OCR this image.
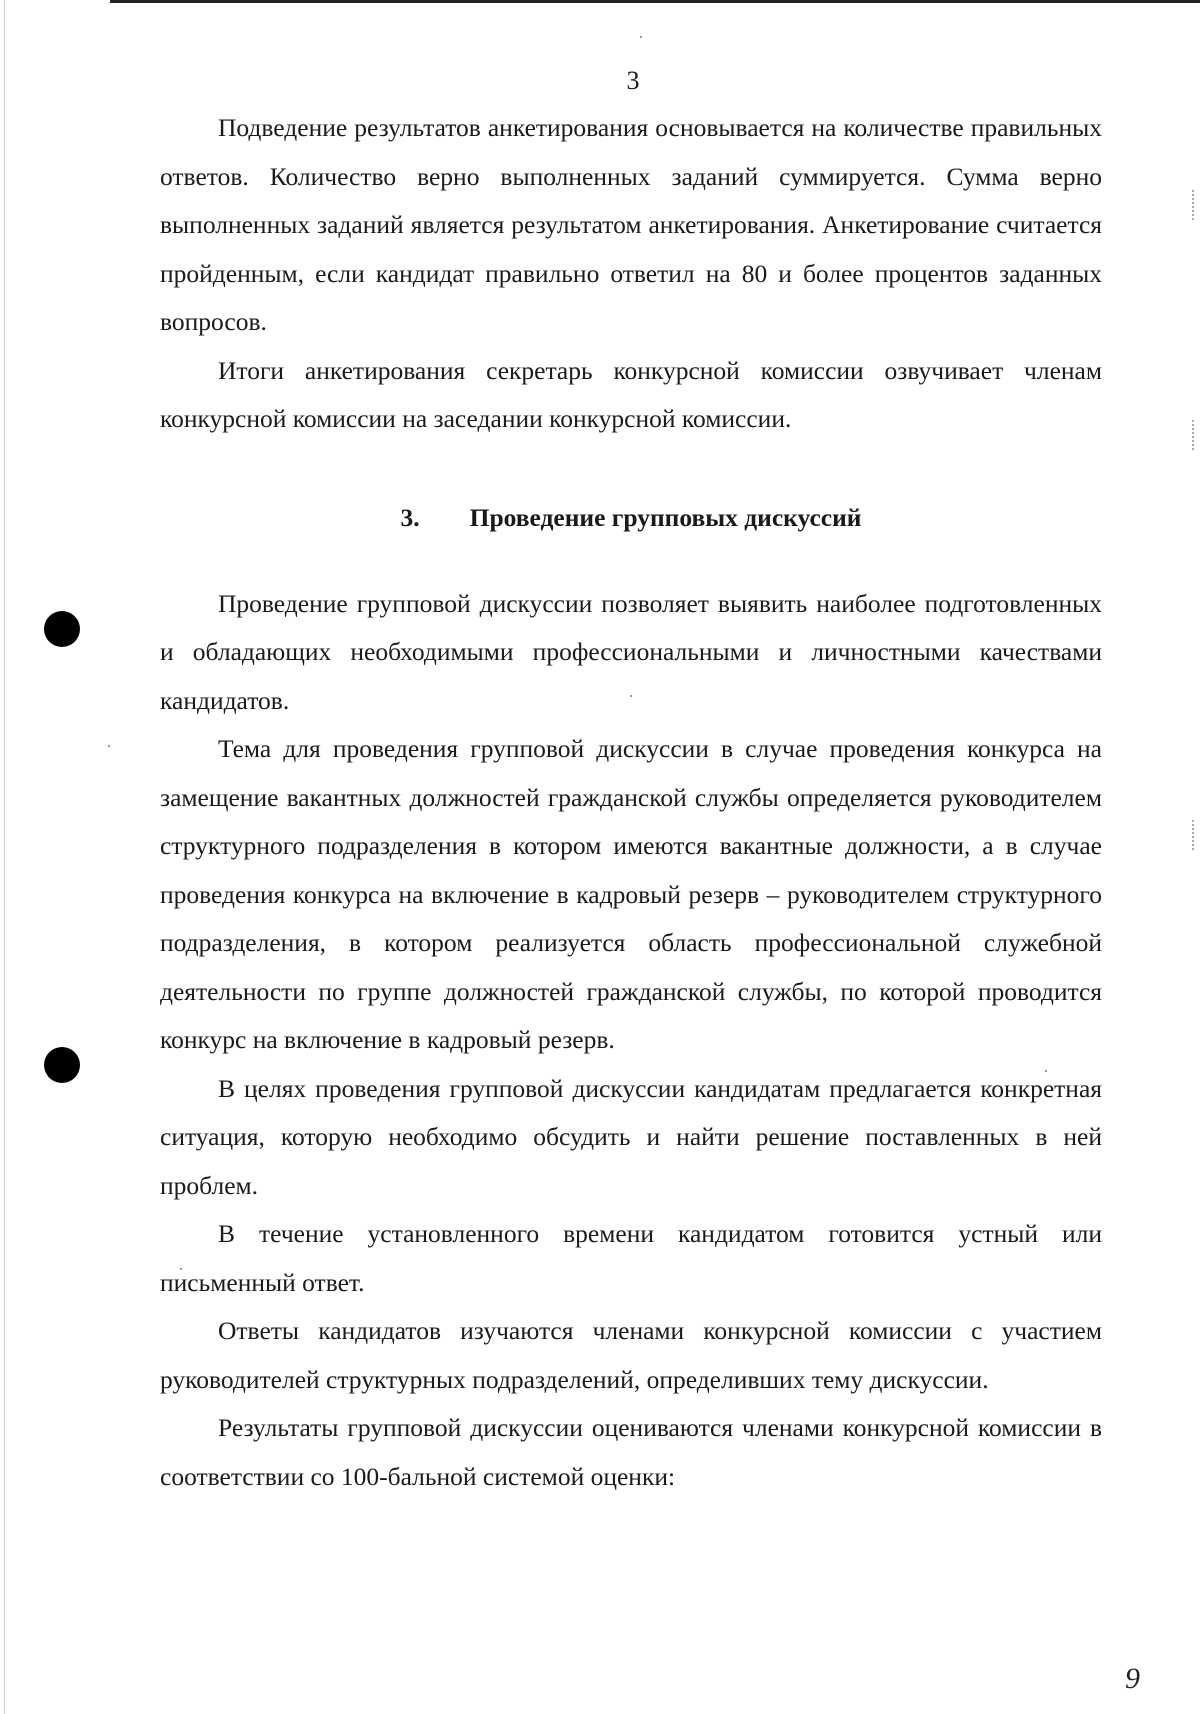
3

Подведение результатов анкетирования основывается на количестве правильных ответов. Количество верно выполненных заданий суммируется. Сумма верно выполненных заданий является результатом анкетирования. Анкетирование считается пройденным, если кандидат правильно ответил на 80 и более процентов заданных вопросов.

Итоги анкетирования секретарь конкурсной комиссии озвучивает членам конкурсной комиссии на заседании конкурсной комиссии.

3. Проведение групповых дискуссий

Проведение групповой дискуссии позволяет выявить наиболее подготовленных и обладающих необходимыми профессиональными и личностными качествами кандидатов.

Тема для проведения групповой дискуссии в случае проведения конкурса на замещение вакантных должностей гражданской службы определяется руководителем структурного подразделения в котором имеются вакантные должности, а в случае проведения конкурса на включение в кадровый резерв – руководителем структурного подразделения, в котором реализуется область профессиональной служебной деятельности по группе должностей гражданской службы, по которой проводится конкурс на включение в кадровый резерв.

В целях проведения групповой дискуссии кандидатам предлагается конкретная ситуация, которую необходимо обсудить и найти решение поставленных в ней проблем.

В течение установленного времени кандидатом готовится устный или письменный ответ.

Ответы кандидатов изучаются членами конкурсной комиссии с участием руководителей структурных подразделений, определивших тему дискуссии.

Результаты групповой дискуссии оцениваются членами конкурсной комиссии в соответствии со 100-бальной системой оценки:

9
